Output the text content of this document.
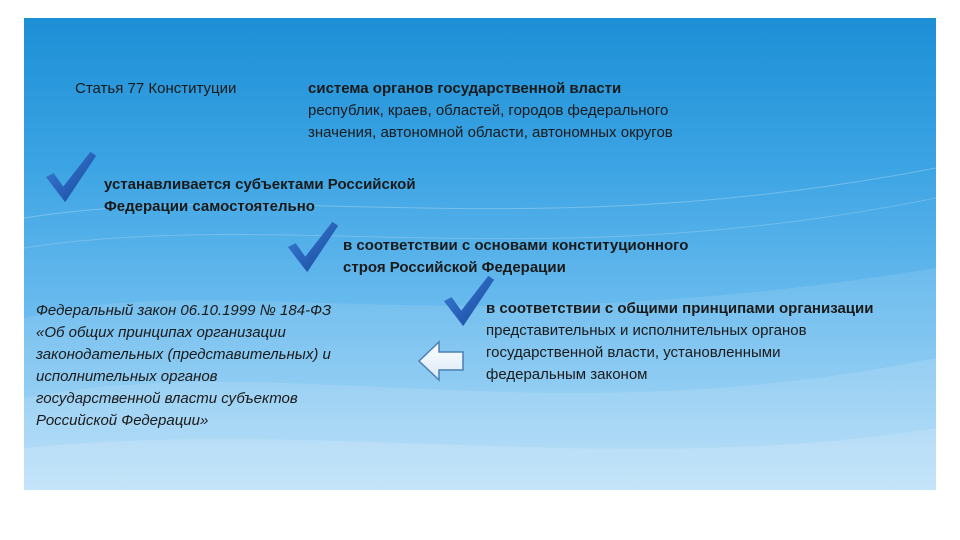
Статья 77 Конституции	система органов государственной власти
республик, краев, областей, городов федерального
значения, автономной области, автономных округов
устанавливается субъектами Российской
Федерации самостоятельно
в соответствии с основами конституционного
строя Российской Федерации
в соответствии с общими принципами организации
представительных и исполнительных органов
государственной власти, установленными
федеральным законом
Федеральный закон 06.10.1999 № 184-ФЗ
«Об общих принципах организации
законодательных (представительных) и
исполнительных органов
государственной власти субъектов
Российской Федерации»
